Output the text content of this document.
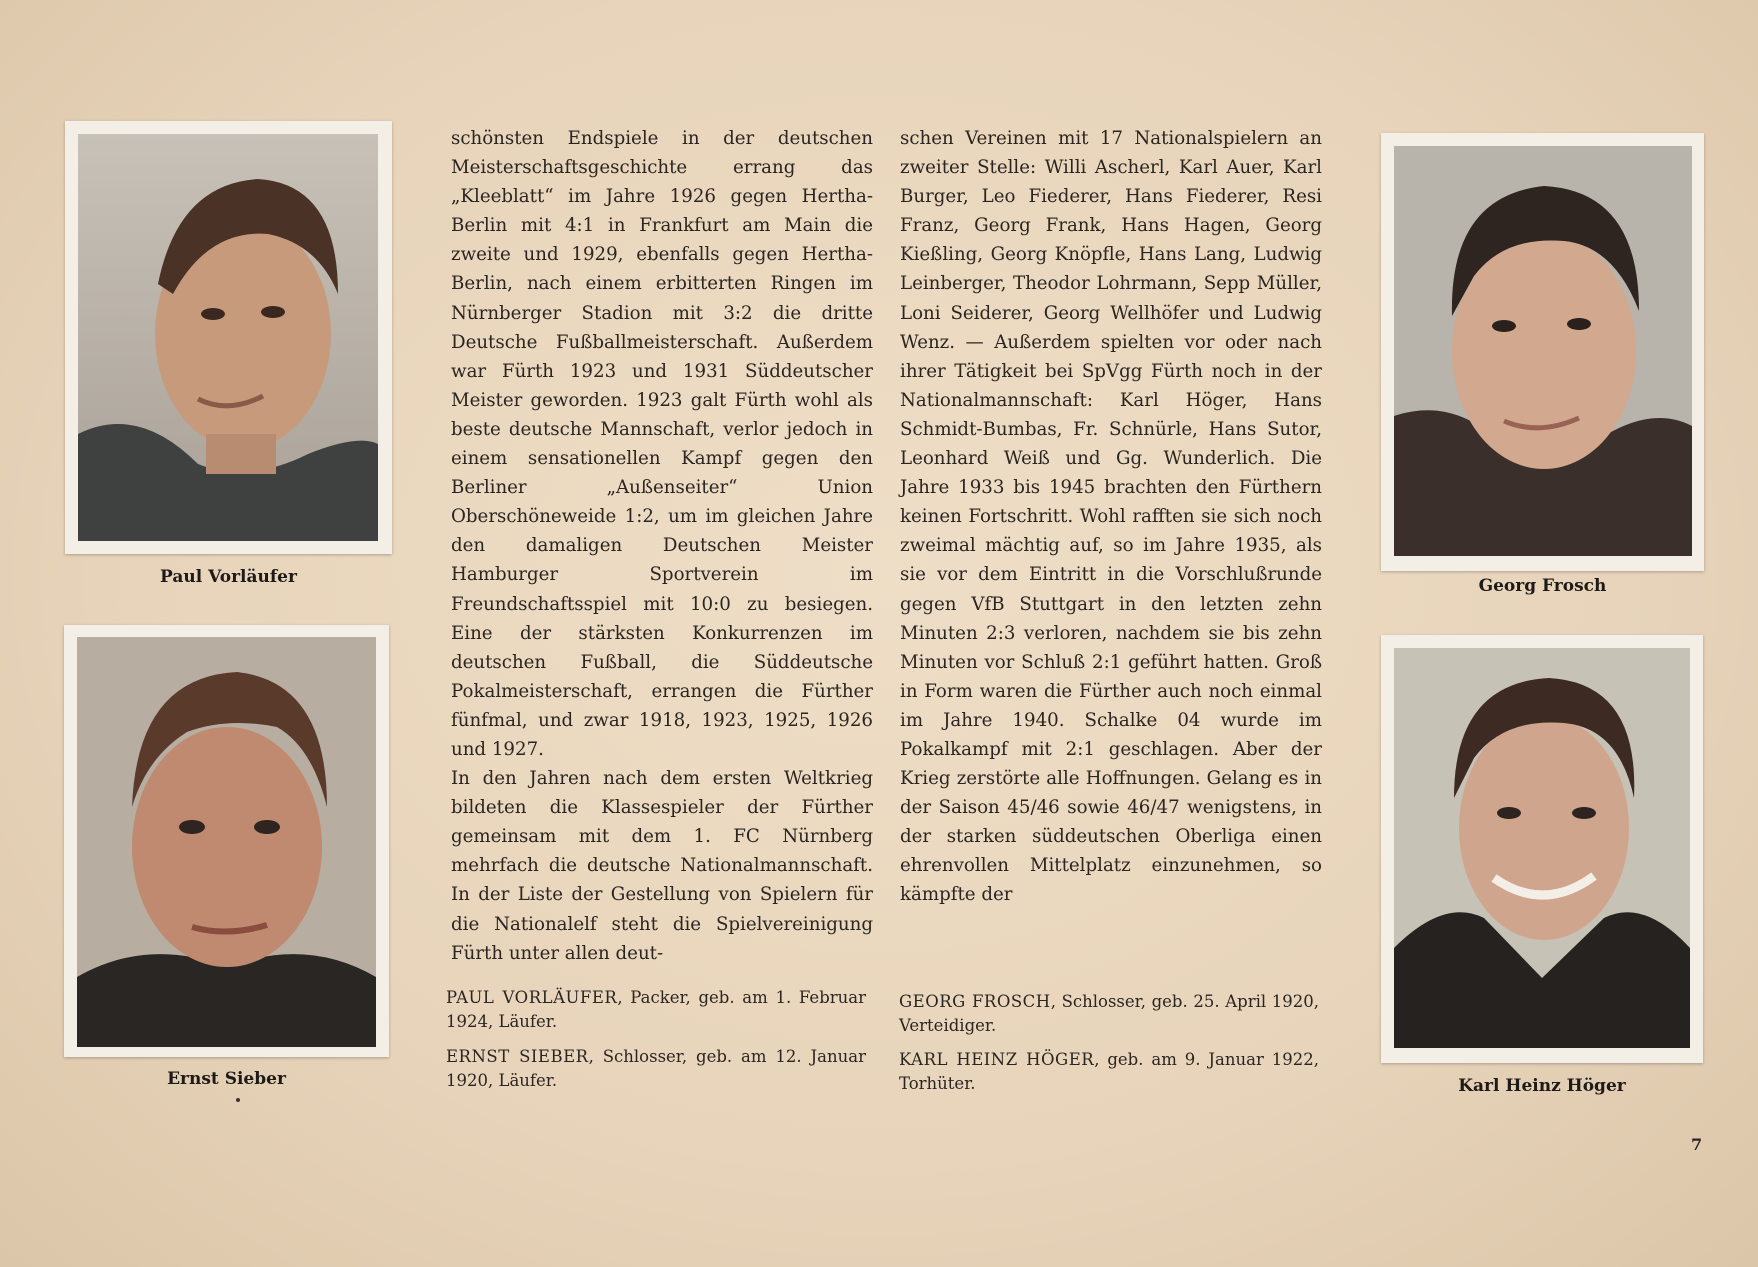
Paul Vorläufer
Ernst Sieber
Georg Frosch
Karl Heinz Höger

schönsten Endspiele in der deutschen Meisterschaftsgeschichte errang das „Kleeblatt“ im Jahre 1926 gegen Hertha-Berlin mit 4:1 in Frankfurt am Main die zweite und 1929, ebenfalls gegen Hertha-Berlin, nach einem erbitterten Ringen im Nürnberger Stadion mit 3:2 die dritte Deutsche Fußballmeisterschaft. Außerdem war Fürth 1923 und 1931 Süddeutscher Meister geworden. 1923 galt Fürth wohl als beste deutsche Mannschaft, verlor jedoch in einem sensationellen Kampf gegen den Berliner „Außenseiter“ Union Oberschöneweide 1:2, um im gleichen Jahre den damaligen Deutschen Meister Hamburger Sportverein im Freundschaftsspiel mit 10:0 zu besiegen. Eine der stärksten Konkurrenzen im deutschen Fußball, die Süddeutsche Pokalmeisterschaft, errangen die Fürther fünfmal, und zwar 1918, 1923, 1925, 1926 und 1927.

In den Jahren nach dem ersten Weltkrieg bildeten die Klassespieler der Fürther gemeinsam mit dem 1. FC Nürnberg mehrfach die deutsche Nationalmannschaft. In der Liste der Gestellung von Spielern für die Nationalelf steht die Spielvereinigung Fürth unter allen deut-

schen Vereinen mit 17 Nationalspielern an zweiter Stelle: Willi Ascherl, Karl Auer, Karl Burger, Leo Fiederer, Hans Fiederer, Resi Franz, Georg Frank, Hans Hagen, Georg Kießling, Georg Knöpfle, Hans Lang, Ludwig Leinberger, Theodor Lohrmann, Sepp Müller, Loni Seiderer, Georg Wellhöfer und Ludwig Wenz. — Außerdem spielten vor oder nach ihrer Tätigkeit bei SpVgg Fürth noch in der Nationalmannschaft: Karl Höger, Hans Schmidt-Bumbas, Fr. Schnürle, Hans Sutor, Leonhard Weiß und Gg. Wunderlich. Die Jahre 1933 bis 1945 brachten den Fürthern keinen Fortschritt. Wohl rafften sie sich noch zweimal mächtig auf, so im Jahre 1935, als sie vor dem Eintritt in die Vorschlußrunde gegen VfB Stuttgart in den letzten zehn Minuten 2:3 verloren, nachdem sie bis zehn Minuten vor Schluß 2:1 geführt hatten. Groß in Form waren die Fürther auch noch einmal im Jahre 1940. Schalke 04 wurde im Pokalkampf mit 2:1 geschlagen. Aber der Krieg zerstörte alle Hoffnungen. Gelang es in der Saison 45/46 sowie 46/47 wenigstens, in der starken süddeutschen Oberliga einen ehrenvollen Mittelplatz einzunehmen, so kämpfte der

PAUL VORLÄUFER, Packer, geb. am 1. Februar 1924, Läufer.
ERNST SIEBER, Schlosser, geb. am 12. Januar 1920, Läufer.
GEORG FROSCH, Schlosser, geb. 25. April 1920, Verteidiger.
KARL HEINZ HÖGER, geb. am 9. Januar 1922, Torhüter.
7
